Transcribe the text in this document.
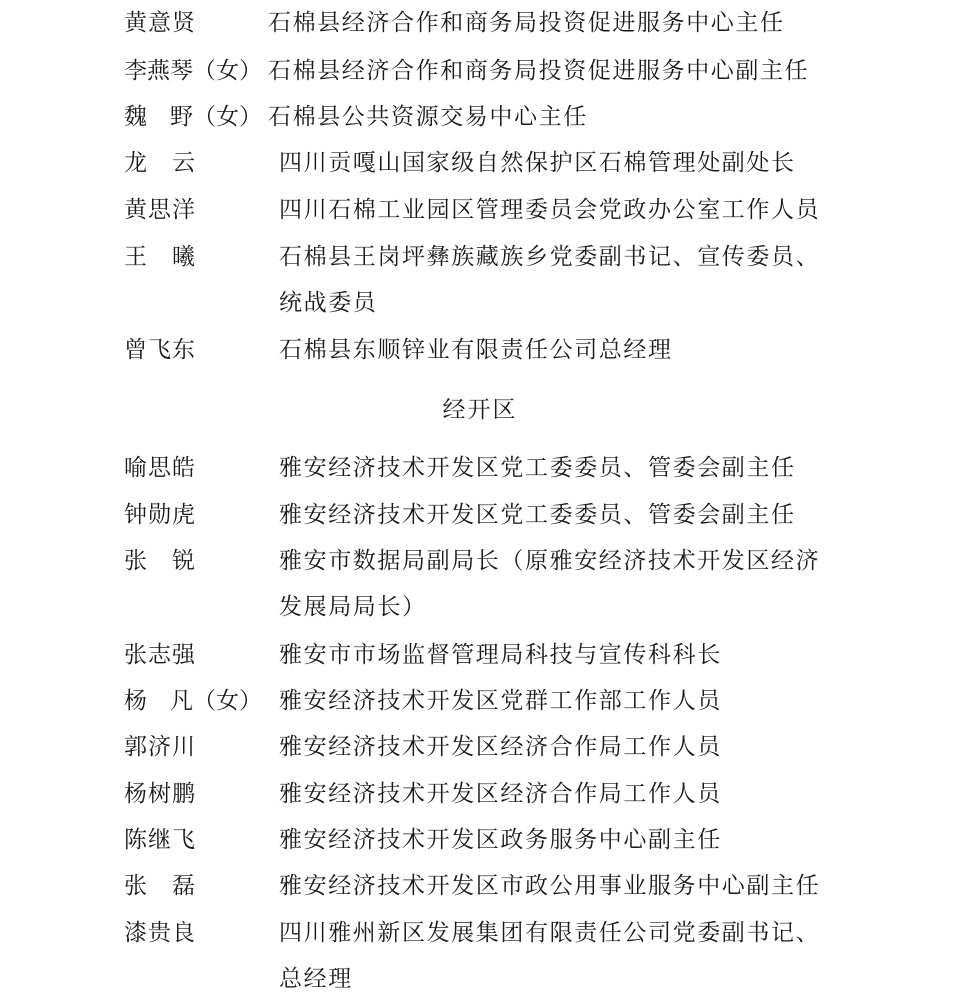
黄意贤	石棉县经济合作和商务局投资促进服务中心主任
李燕琴（女） 石棉县经济合作和商务局投资促进服务中心副主任
魏　野（女） 石棉县公共资源交易中心主任
龙　云	四川贡嘎山国家级自然保护区石棉管理处副处长
黄思洋	四川石棉工业园区管理委员会党政办公室工作人员
王　曦	石棉县王岗坪彝族藏族乡党委副书记、宣传委员、
统战委员
曾飞东	石棉县东顺锌业有限责任公司总经理
经开区
喻思皓	雅安经济技术开发区党工委委员、管委会副主任
钟勋虎	雅安经济技术开发区党工委委员、管委会副主任
张　锐	雅安市数据局副局长（原雅安经济技术开发区经济
发展局局长）
张志强	雅安市市场监督管理局科技与宣传科科长
杨　凡（女） 雅安经济技术开发区党群工作部工作人员
郭济川	雅安经济技术开发区经济合作局工作人员
杨树鹏	雅安经济技术开发区经济合作局工作人员
陈继飞	雅安经济技术开发区政务服务中心副主任
张　磊	雅安经济技术开发区市政公用事业服务中心副主任
漆贵良	四川雅州新区发展集团有限责任公司党委副书记、
总经理
